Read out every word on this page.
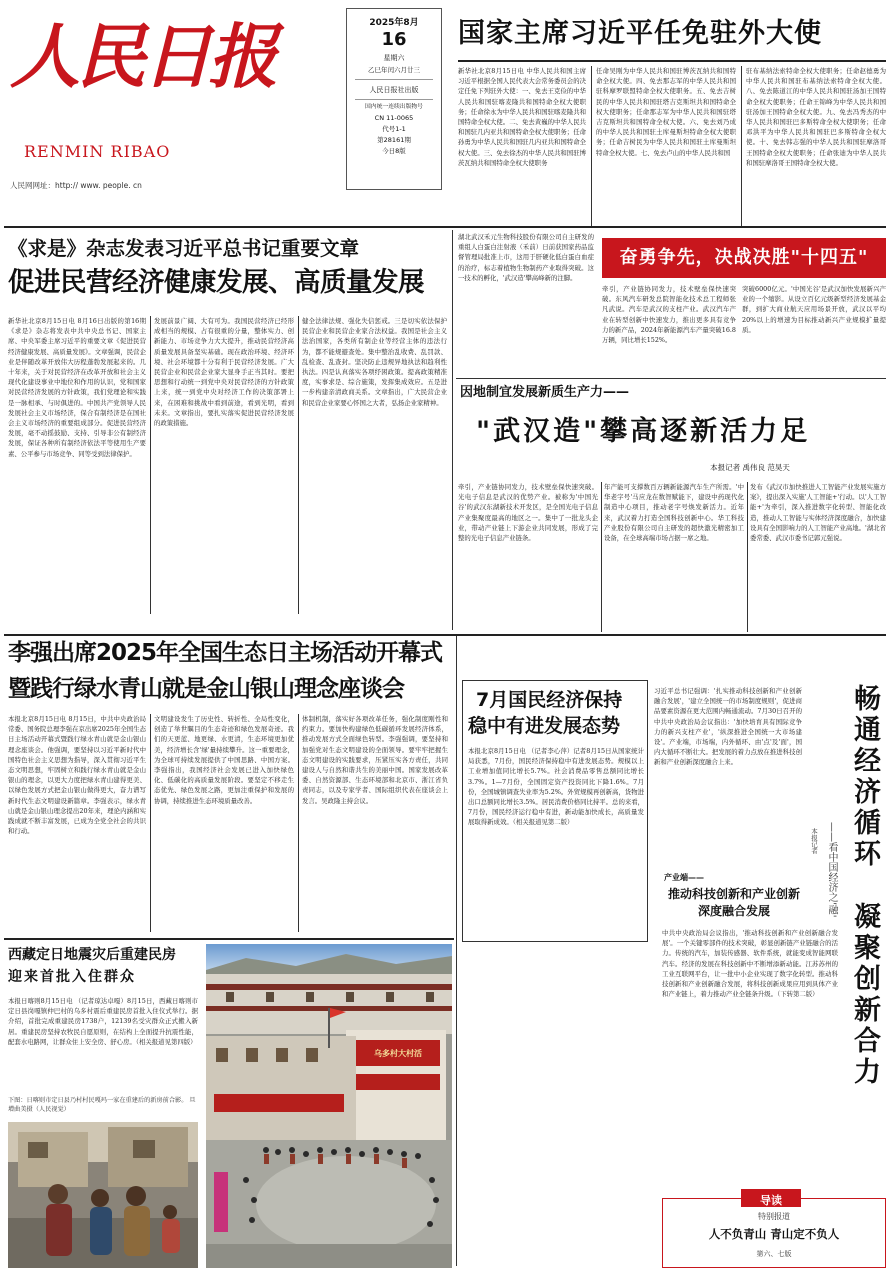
人民日报
RENMIN RIBAO
人民网网址：http:// www. people. cn
2025年8月
16
星期六
乙巳年闰六月廿三
人民日报社出版
国内统一连续出版物号
CN 11-0065
代号1-1
第28161期
今日8版
国家主席习近平任免驻外大使
新华社北京8月15日电 中华人民共和国主席习近平根据全国人民代表大会常务委员会的决定任免下列驻外大使：一、免去王克俭的中华人民共和国驻喀麦隆共和国特命全权大使职务；任命徐永为中华人民共和国驻喀麦隆共和国特命全权大使。二、免去黄巍的中华人民共和国驻几内亚共和国特命全权大使职务；任命孙勇为中华人民共和国驻几内亚共和国特命全权大使。三、免去徐杰的中华人民共和国驻博茨瓦纳共和国特命全权大使职务
任命吴刚为中华人民共和国驻博茨瓦纳共和国特命全权大使。四、免去那志军的中华人民共和国驻科摩罗联盟特命全权大使职务。五、免去吉树民的中华人民共和国驻塔吉克斯坦共和国特命全权大使职务；任命那志军为中华人民共和国驻塔吉克斯坦共和国特命全权大使。六、免去刘乃成的中华人民共和国驻土库曼斯坦特命全权大使职务；任命吉树民为中华人民共和国驻土库曼斯坦特命全权大使。七、免去卢山的中华人民共和国
驻布基纳法索特命全权大使职务；任命赵德勇为中华人民共和国驻布基纳法索特命全权大使。八、免去陈道江的中华人民共和国驻汤加王国特命全权大使职务；任命王锦峰为中华人民共和国驻汤加王国特命全权大使。九、免去冯秀杰的中华人民共和国驻巴多斯特命全权大使职务；任命邓洪平为中华人民共和国驻巴多斯特命全权大使。十、免去韩志强的中华人民共和国驻摩洛哥王国特命全权大使职务；任命张迪为中华人民共和国驻摩洛哥王国特命全权大使。
《求是》杂志发表习近平总书记重要文章
促进民营经济健康发展、高质量发展
新华社北京8月15日电 8月16日出版的第16期《求是》杂志将发表中共中央总书记、国家主席、中央军委主席习近平的重要文章《促进民营经济健康发展、高质量发展》。文章强调，民营企业是伴随改革开放伟大历程蓬勃发展起来的。几十年来，关于对民营经济在改革开放和社会主义现代化建设事业中地位和作用的认识，党和国家对民营经济发展的方针政策，我们党理论和实践是一脉相承、与时俱进的。中国共产党领导人民发展社会主义市场经济，保合有制经济是在国社会主义市场经济的重要组成部分。促进民营经济发展，毫不动摇鼓励、支持、引导非公有制经济发展，保证各种所有制经济依法平等使用生产要素、公平参与市场竞争、同等受到法律保护。
发展前景广阔、大有可为。我国民营经济已经形成相当的规模、占有很重的分量，整体实力、创新能力、市场竞争力大大提升，推动民营经济高质量发展具备坚实基础。现在政治环境、经济环境、社会环境都十分有利于民营经济发展。广大民营企业和民营企业家大显身手正当其时。要把思想和行动统一到党中央对民营经济的方针政策上来，统一到党中央对经济工作的决策部署上来，在困难和挑战中看到前途，看到光明，看到未来。文章指出，要扎实落实促进民营经济发展的政策措施。
健全法律法规、强化失信惩戒。三是切实依法保护民营企业和民营企业家合法权益。我国是社会主义法治国家，各类所有制企业等经营主体的违法行为，都不能规避查处。集中整治乱收费、乱罚款、乱检查、乱查封。坚决防止违规异地执法和趋利性执法。四是认真落实各项纾困政策。提高政策精准度，实事求是、综合施策，发挥集成效应。五是进一步构建亲清政商关系。文章指出，广大民营企业和民营企业家要心怀国之大者，弘扬企业家精神。
湖北武汉禾元生物科技股份有限公司自主研发的重组人白蛋白注射液（禾前）日前获国家药品监督管理局批准上市，这用于肝硬化低白蛋白血症的治疗，标志着植物生物制药产业取得突破。这一技术的孵化，'武汉造'攀高峰新的注脚。
奋勇争先，决战决胜"十四五"
牵引，产业链协同发力，技术壁垒保快速突破。东风汽车研发总院智能化技术总工程师张凡武说。汽车是武汉的支柱产业。武汉汽车产业在转型创新中快速发力，推出更多具有竞争力的新产品，2024年新能源汽车产量突破16.8万辆，同比增长152%。
突破6000亿元。'中国光谷'是武汉加快发展新兴产业的一个缩影。从设立百亿元级新型经济发展基金群，到扩大商业航天应用场景开放，武汉以平均20%以上的增速为目标推动新兴产业规模扩量提质。
因地制宜发展新质生产力——
"武汉造"攀高逐新活力足
本报记者 禹伟良 范昊天
牵引，产业链协同发力，技术壁垒保快速突破。光电子信息是武汉的优势产业。被称为'中国光谷'的武汉东湖新技术开发区，是全国光电子信息产业集聚度最高的地区之一。集中了一批龙头企业，带动产业链上下游企业共同发展，形成了完整的光电子信息产业链条。
年产能可支撑数百万辆新能源汽车生产所需。'中华老字号'马应龙在数智赋能下，建设中药现代化制造中心项目，推动老字号焕发新活力。近年来，武汉着力打造全国科技创新中心。华工科技产业股份有限公司自主研发的超快激光精密加工设备，在全球高端市场占据一席之地。
发布《武汉市加快推进人工智能产业发展实施方案》，提出深入实施'人工智能+'行动。以'人工智能+'为牵引，深入推进数字化转型、智能化改造，推动人工智能与实体经济深度融合，加快建设具有全国影响力的人工智能产业高地。'湖北省委常委、武汉市委书记郭元强说。
李强出席2025年全国生态日主场活动开幕式
暨践行绿水青山就是金山银山理念座谈会
本报北京8月15日电 8月15日，中共中央政治局常委、国务院总理李强在京出席2025年全国生态日主场活动开幕式暨践行绿水青山就是金山银山理念座谈会。他强调，要坚持以习近平新时代中国特色社会主义思想为指导，深入贯彻习近平生态文明思想，牢固树立和践行绿水青山就是金山银山的理念，以更大力度把绿水青山建得更美、以绿色发展方式把金山银山做得更大，奋力谱写新时代生态文明建设新篇章。李强表示，绿水青山就是金山银山理念提出20年来，理论内涵和实践成就不断丰富发展，已成为全党全社会的共识和行动。
文明建设发生了历史性、转折性、全局性变化，创造了举世瞩目的生态奇迹和绿色发展奇迹。我们的天更蓝、地更绿、水更清，生态环境更加优美，经济增长含'绿'量持续攀升。这一重要理念，为全球可持续发展提供了中国思路、中国方案。李强指出，我国经济社会发展已进入加快绿色化、低碳化的高质量发展阶段。要坚定不移走生态优先、绿色发展之路，更加注重保护和发展的协调，持续推进生态环境质量改善。
体制机制，落实好各项改革任务，强化制度刚性和约束力。要加快构建绿色低碳循环发展经济体系，推动发展方式全面绿色转型。李强强调，要坚持和加强党对生态文明建设的全面领导。要牢牢把握生态文明建设的实践要求，压紧压实各方责任，共同建设人与自然和谐共生的美丽中国。国家发展改革委、自然资源部、生态环境部和北京市、浙江省负责同志，以及专家学者、国际组织代表在座谈会上发言。吴政隆主持会议。
7月国民经济保持
稳中有进发展态势
本报北京8月15日电 （记者李心萍）记者8月15日从国家统计局获悉，7月份，国民经济保持稳中有进发展态势。规模以上工业增加值同比增长5.7%。社会消费品零售总额同比增长3.7%。1—7月份，全国固定资产投资同比下降1.6%。7月份，全国城镇调查失业率为5.2%。外贸规模再创新高，货物进出口总额同比增长3.5%。居民消费价格同比持平。总的来看，7月份，国民经济运行稳中有进，新动能加快成长，高质量发展取得新成效。（相关报道见第二版）
习近平总书记强调：'扎实推动科技创新和产业创新融合发展'，'建立全国统一的市场制度规则'，促进商品要素资源在更大范围内畅通流动。7月30日召开的中共中央政治局会议指出：'加快培育具有国际竞争力的新兴支柱产业'，'纵深推进全国统一大市场建设'。产业端，市场端，内外循环、由'点'及'面'，国内大循环不断壮大。把发展的着力点放在推进科技创新和产业创新深度融合上来。	畅通经济循环
——看中国经济之'融'
本报记者
凝聚创新合力
产业端——
推动科技创新和产业创新深度融合发展
中共中央政治局会议指出，'推动科技创新和产业创新融合发展'。一个关键零部件的技术突破，彰显创新链产业链融合的活力。传统的汽车，加装传感器、软件系统，就能变成智能网联汽车。经济的发展在科技创新中不断增添新动能。江苏苏州的工业互联网平台，让一批中小企业实现了数字化转型。推动科技创新和产业创新融合发展，将科技创新成果应用到具体产业和产业链上，着力推动产业全链条升级。（下转第二版）
西藏定日地震灾后重建民房
迎来首批入住群众
本报日喀则8月15日电 （记者琼达卓嘎）8月15日，西藏日喀则市定日县岗嘎镇仲巴村的乌多村震后重建民房首批入住仪式举行。据介绍，首批完成重建民房1738户，12139名受灾群众正式搬入新居。重建民房坚持农牧民自愿原则，在结构上全面提升抗震性能，配套水电路网，让群众住上安全房、舒心房。（相关报道见第四版）
下图：日喀则市定日县乃村村民嘎玛一家在重建后的新房前合影。 旦增曲美摄（人民视觉）
乌多村大村活
导读
特别报道
人不负青山 青山定不负人
第六、七版
